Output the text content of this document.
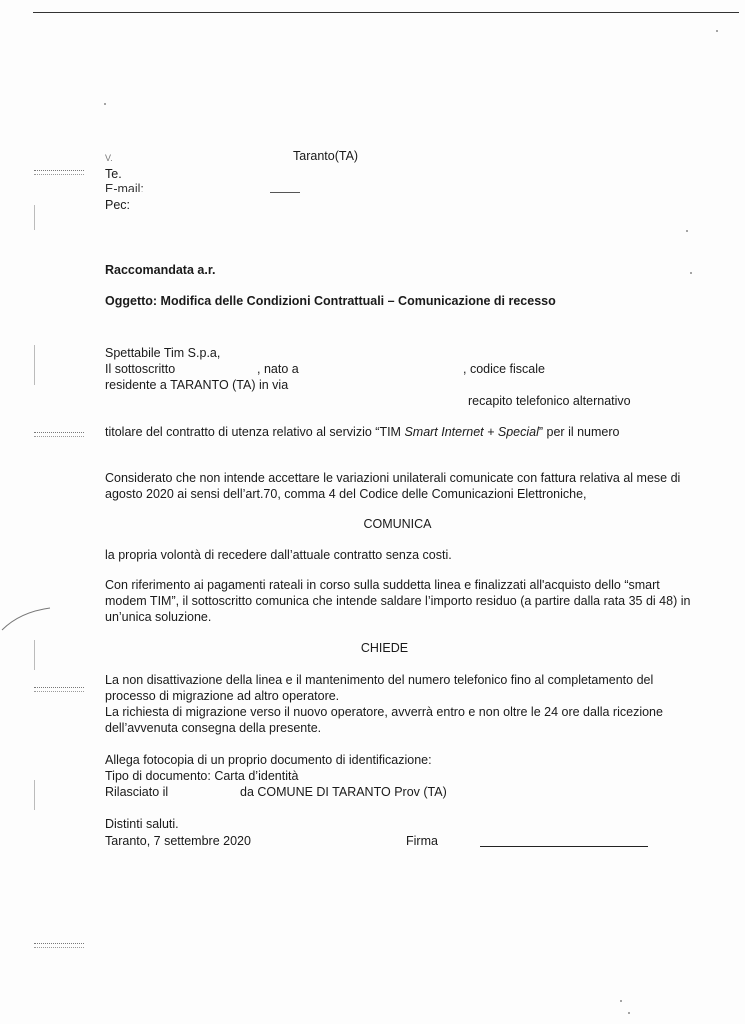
V.	Taranto(TA)
Te.
E-mail:
Pec:
Raccomandata a.r.
Oggetto: Modifica delle Condizioni Contrattuali – Comunicazione di recesso
Spettabile Tim S.p.a,
Il sottoscritto	, nato a	, codice fiscale
residente a TARANTO (TA) in via
recapito telefonico alternativo
titolare del contratto di utenza relativo al servizio “TIM Smart Internet + Special” per il numero
Considerato che non intende accettare le variazioni unilaterali comunicate con fattura relativa al mese di
agosto 2020 ai sensi dell’art.70, comma 4 del Codice delle Comunicazioni Elettroniche,
COMUNICA
la propria volontà di recedere dall’attuale contratto senza costi.
Con riferimento ai pagamenti rateali in corso sulla suddetta linea e finalizzati all'acquisto dello “smart
modem TIM”, il sottoscritto comunica che intende saldare l’importo residuo (a partire dalla rata 35 di 48) in
un’unica soluzione.
CHIEDE
La non disattivazione della linea e il mantenimento del numero telefonico fino al completamento del
processo di migrazione ad altro operatore.
La richiesta di migrazione verso il nuovo operatore, avverrà entro e non oltre le 24 ore dalla ricezione
dell’avvenuta consegna della presente.
Allega fotocopia di un proprio documento di identificazione:
Tipo di documento: Carta d’identità
Rilasciato il	da COMUNE DI TARANTO Prov (TA)
Distinti saluti.
Taranto, 7 settembre 2020	Firma
